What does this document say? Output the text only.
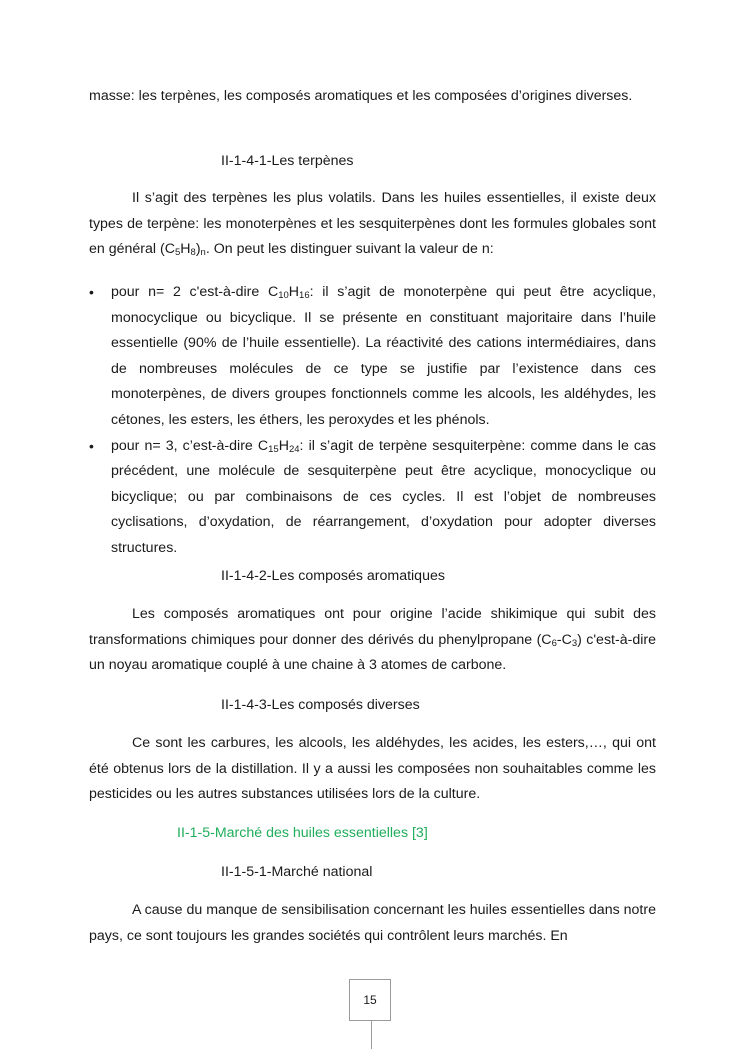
masse: les terpènes, les composés aromatiques et les composées d’origines diverses.
II-1-4-1-Les terpènes
Il s’agit des terpènes les plus volatils. Dans les huiles essentielles, il existe deux types de terpène: les monoterpènes et les sesquiterpènes dont les formules globales sont en général $(C_5H_8)_n$. On peut les distinguer suivant la valeur de n:
• pour n= 2 c'est-à-dire $C_{10}H_{16}$: il s’agit de monoterpène qui peut être acyclique, monocyclique ou bicyclique. Il se présente en constituant majoritaire dans l’huile essentielle (90% de l’huile essentielle). La réactivité des cations intermédiaires, dans de nombreuses molécules de ce type se justifie par l’existence dans ces monoterpènes, de divers groupes fonctionnels comme les alcools, les aldéhydes, les cétones, les esters, les éthers, les peroxydes et les phénols.
• pour n= 3, c’est-à-dire $C_{15}H_{24}$: il s’agit de terpène sesquiterpène: comme dans le cas précédent, une molécule de sesquiterpène peut être acyclique, monocyclique ou bicyclique; ou par combinaisons de ces cycles. Il est l’objet de nombreuses cyclisations, d’oxydation, de réarrangement, d’oxydation pour adopter diverses structures.
II-1-4-2-Les composés aromatiques
Les composés aromatiques ont pour origine l’acide shikimique qui subit des transformations chimiques pour donner des dérivés du phenylpropane $(C_6-C_3)$ c'est-à-dire un noyau aromatique couplé à une chaine à 3 atomes de carbone.
II-1-4-3-Les composés diverses
Ce sont les carbures, les alcools, les aldéhydes, les acides, les esters,…, qui ont été obtenus lors de la distillation. Il y a aussi les composées non souhaitables comme les pesticides ou les autres substances utilisées lors de la culture.
II-1-5-Marché des huiles essentielles [3]
II-1-5-1-Marché national
A cause du manque de sensibilisation concernant les huiles essentielles dans notre pays, ce sont toujours les grandes sociétés qui contrôlent leurs marchés. En
15
